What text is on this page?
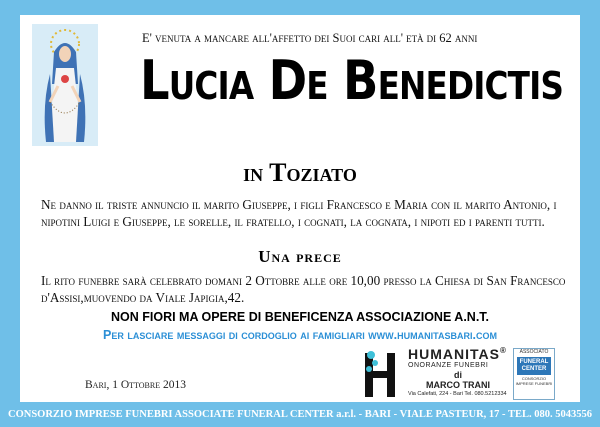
E' venuta a mancare all'affetto dei Suoi cari all' età di 62 anni
Lucia De Benedictis
in Toziato
Ne danno il triste annuncio il marito Giuseppe, i figli Francesco e Maria con il marito Antonio, i nipotini Luigi e Giuseppe, le sorelle, il fratello, i cognati, la cognata, i nipoti ed i parenti tutti.
Una prece
Il rito funebre sarà celebrato domani 2 Ottobre alle ore 10,00 presso la Chiesa di San Francesco d'Assisi,muovendo da Viale Japigia,42.
NON FIORI MA OPERE DI BENEFICENZA ASSOCIAZIONE A.N.T.
Per lasciare messaggi di cordoglio ai famigliari www.humanitasbari.com
Bari, 1 Ottobre 2013
HUMANITAS®
ONORANZE FUNEBRI
di
MARCO TRANI
Via Calefati, 224 - Bari Tel. 080.5212334
ASSOCIATO
FUNERAL CENTER
CONSORZIO IMPRESE FUNEBRI
CONSORZIO IMPRESE FUNEBRI ASSOCIATE FUNERAL CENTER a.r.l. - BARI - VIALE PASTEUR, 17 - TEL. 080. 5043556
